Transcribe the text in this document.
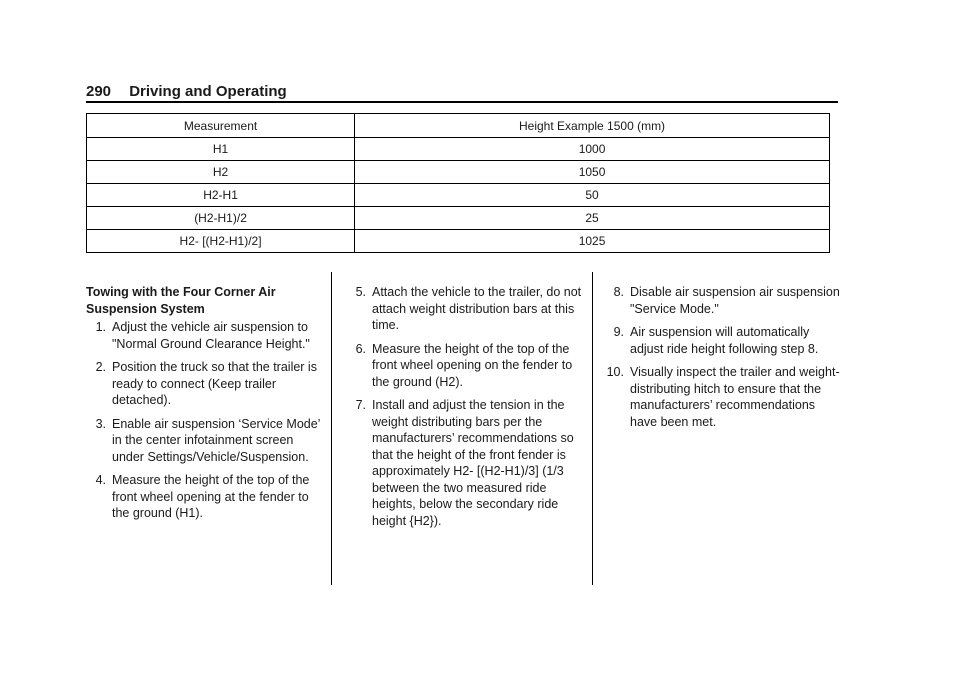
290 Driving and Operating
Measurement	Height Example 1500 (mm)
H1	1000
H2	1050
H2-H1	50
(H2-H1)/2	25
H2- [(H2-H1)/2]	1025
Towing with the Four Corner Air Suspension System
1. Adjust the vehicle air suspension to "Normal Ground Clearance Height."
2. Position the truck so that the trailer is ready to connect (Keep trailer detached).
3. Enable air suspension ‘Service Mode’ in the center infotainment screen under Settings/Vehicle/Suspension.
4. Measure the height of the top of the front wheel opening at the fender to the ground (H1).
5. Attach the vehicle to the trailer, do not attach weight distribution bars at this time.
6. Measure the height of the top of the front wheel opening on the fender to the ground (H2).
7. Install and adjust the tension in the weight distributing bars per the manufacturers’ recommendations so that the height of the front fender is approximately H2- [(H2-H1)/3] (1/3 between the two measured ride heights, below the secondary ride height {H2}).
8. Disable air suspension air suspension "Service Mode."
9. Air suspension will automatically adjust ride height following step 8.
10. Visually inspect the trailer and weight-distributing hitch to ensure that the manufacturers’ recommendations have been met.
